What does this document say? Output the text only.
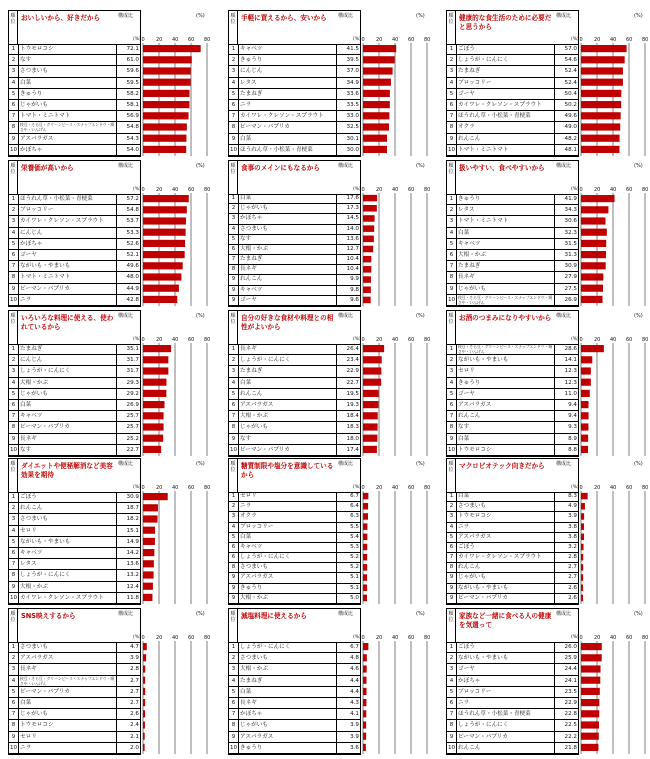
順位 おいしいから、好きだから	構成比
(%)
1 トウモロコシ	72.1
2 なす	61.0
3 さつまいも	59.6
4 白菜	59.5
5 きゅうり	58.2
6 じゃがいも	58.1
7 トマト・ミニトマト	56.9
8	枝豆・そら豆・グリーンピース・スナップエンドウ・絹さや・いんげん	54.8
9 アスパラガス	54.3
10 かぼちゃ	54.0
(%)
0 20 40 60 80
順位 手軽に買えるから、安いから	構成比
(%)
1 キャベツ	41.5
2 きゅうり	39.5
3 にんじん	37.0
4 レタス	34.9
5 たまねぎ	33.6
6 ニラ	33.5
7 カイワレ・クレソン・スプラウト	33.0
8 ピーマン・パプリカ	32.5
9 白菜	30.1
10 ほうれん草・小松菜・青梗菜	30.0
(%)
0 20 40 60 80
順位 健康的な食生活のために必要だと思うから
構成比
(%)
1 ごぼう	57.0
2 しょうが・にんにく	54.6
3 たまねぎ	52.4
4 ブロッコリー	52.4
5 ゴーヤ	50.4
6 カイワレ・クレソン・スプラウト	50.2
7 ほうれん草・小松菜・青梗菜	49.6
8 オクラ	49.0
9 れんこん	48.2
10 トマト・ミニトマト	48.1
(%)
0 20 40 60 80
順位 栄養価が高いから	構成比
(%)
1 ほうれん草・小松菜・青梗菜	57.2
2 ブロッコリー	54.8
3 カイワレ・クレソン・スプラウト	53.7
4 にんじん	53.3
5 かぼちゃ	52.6
6 ゴーヤ	52.1
7 ながいも・やまいも	49.6
8 トマト・ミニトマト	48.0
9 ピーマン・パプリカ	44.9
10 ニラ	42.8
(%)
0 20 40 60 80
順位 食事のメインにもなるから	構成比
(%)
1 白菜	17.6
2 じゃがいも	17.3
3 かぼちゃ	14.5
4 さつまいも	14.0
5 なす	13.6
6 大根・かぶ	12.7
7 たまねぎ	10.4
8 長ネギ	10.4
9 れんこん	9.9
9 キャベツ	9.8
9 ゴーヤ	9.6
(%)
0 20 40 60 80
順位 扱いやすい、食べやすいから	構成比
(%)
1 きゅうり	41.9
2 レタス	34.3
3 トマト・ミニトマト	30.6
4 白菜	32.3
5 キャベツ	31.5
6 大根・かぶ	31.3
7 たまねぎ	30.9
8 長ネギ	27.9
9 じゃがいも	27.5
10 枝豆・そら豆・グリーンピース・スナップエンドウ・絹さや・いんげん	26.9
(%)
0 20 40 60 80
順位 いろいろな料理に使える、使われているから
構成比
(%)
1 たまねぎ	35.1
2 にんじん	31.7
3 しょうが・にんにく	31.7
4 大根・かぶ	29.3
5 じゃがいも	29.2
6 白菜	26.9
7 キャベツ	25.7
8 ピーマン・パプリカ	25.7
9 長ネギ	25.2
10 なす	22.7
(%)
0 20 40 60 80
順位 自分の好きな食材や料理との相性がよいから
構成比
(%)
1 長ネギ	26.4
2 しょうが・にんにく	23.4
3 たまねぎ	22.9
4 白菜	22.7
5 れんこん	19.5
6 アスパラガス	19.3
7 大根・かぶ	18.4
8 じゃがいも	18.3
9 なす	18.0
10 ピーマン・パプリカ	17.4
(%)
0 20 40 60 80
順位 お酒のつまみになりやすいから 構成比
(%)
1	枝豆・そら豆・グリーンピース・スナップエンドウ・絹さや・いんげん	28.6
2 ながいも・やまいも	14.1
3 セロリ	12.3
4 きゅうり	12.3
5 ゴーヤ	11.0
6 アスパラガス	9.4
7 れんこん	9.4
8 なす	9.3
9 白菜	8.9
10 トウモロコシ	8.8
(%)
0 20 40 60 80
順位 ダイエットや便秘解消など美容効果を期待
構成比
(%)
1 ごぼう	30.9
2 れんこん	18.7
3 さつまいも	18.2
4 セロリ	15.1
5 ながいも・やまいも	14.9
6 キャベツ	14.2
7 レタス	13.6
8 しょうが・にんにく	13.2
9 大根・かぶ	12.4
10 カイワレ・クレソン・スプラウト	11.8
(%)
0 20 40 60 80
順位 糖質制限や塩分を意識しているから
構成比
(%)
1 セロリ	6.7
2 ニラ	6.4
3 オクラ	6.3
4 ブロッコリー	5.5
5 白菜	5.4
6 キャベツ	5.3
6 しょうが・にんにく	5.2
8 さつまいも	5.2
9 アスパラガス	5.1
9 きゅうり	5.1
9 大根・かぶ	5.0
(%)
0 20 40 60 80
順位 マクロビオテック向きだから	構成比
(%)
1 白菜	8.3
2 さつまいも	4.9
3 トウモロコシ	3.9
4 ニラ	3.8
5 アスパラガス	3.8
6 ごぼう	3.2
7 カイワレ・クレソン・スプラウト	2.8
8 れんこん	2.7
9 じゃがいも	2.7
9 ながいも・やまいも	2.6
9 ピーマン・パプリカ	2.6
(%)
0 20 40 60 80
順位 SNS映えするから	構成比
(%)
1 さつまいも	4.7
2 アスパラガス	3.9
3 長ネギ	2.8
4	枝豆・そら豆・グリーンピース・スナップエンドウ・絹さや・いんげん	2.7
5 ピーマン・パプリカ	2.7
6 白菜	2.7
7 じゃがいも	2.6
8 トウモロコシ	2.4
9 セロリ	2.1
10 ニラ	2.0
(%)
0 20 40 60 80
順位 減塩料理に使えるから	構成比
(%)
1 しょうが・にんにく	6.7
2 さつまいも	4.8
3 大根・かぶ	4.6
4 たまねぎ	4.4
5 白菜	4.4
6 長ネギ	4.3
7 かぼちゃ	4.1
8 じゃがいも	3.9
9 アスパラガス	3.9
10 きゅうり	3.6
(%)
0 20 40 60 80
順位 家族など一緒に食べる人の健康を気遣って
構成比
(%)
1 ごぼう	26.0
2 ながいも・やまいも	25.9
3 ゴーヤ	24.4
4 かぼちゃ	24.1
5 ブロッコリー	23.5
6 ニラ	22.9
7 ほうれん草・小松菜・青梗菜	22.8
8 しょうが・にんにく	22.5
9 ピーマン・パプリカ	22.2
10 れんこん	21.8
(%)
0 20 40 60 80
